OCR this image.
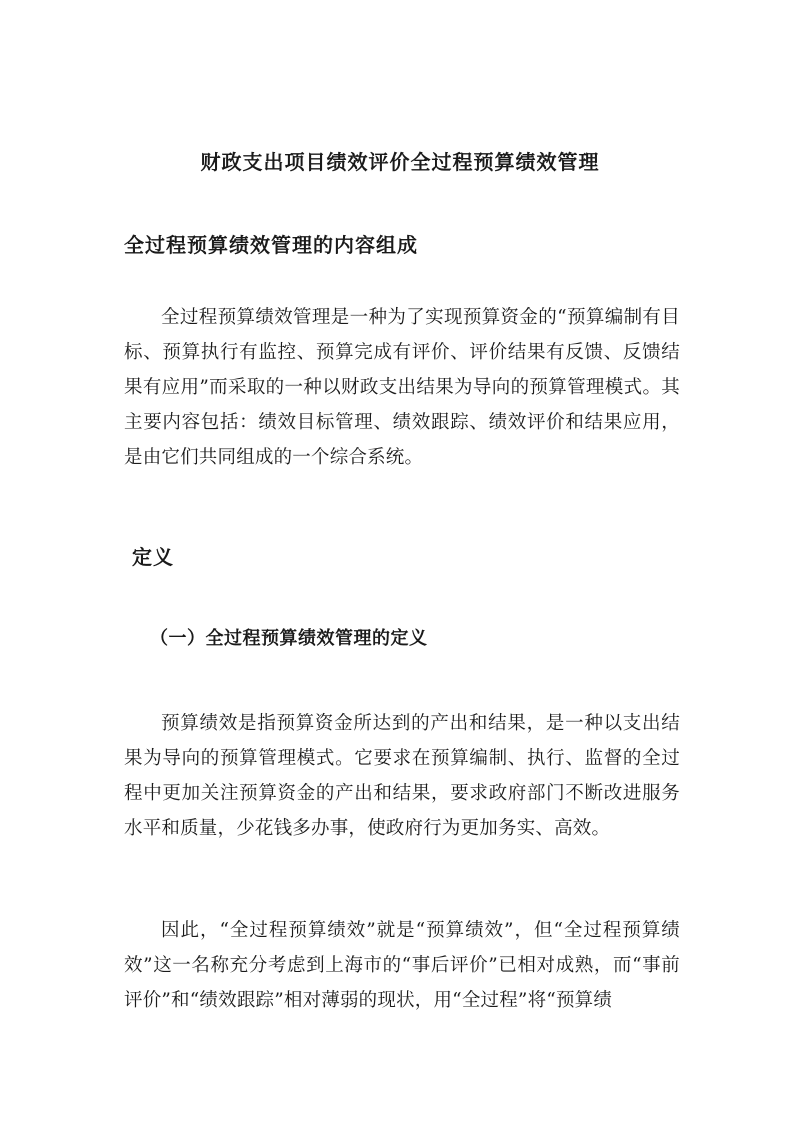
财政支出项目绩效评价全过程预算绩效管理
全过程预算绩效管理的内容组成

全过程预算绩效管理是一种为了实现预算资金的“预算编制有目标、预算执行有监控、预算完成有评价、评价结果有反馈、反馈结果有应用”而采取的一种以财政支出结果为导向的预算管理模式。其主要内容包括：绩效目标管理、绩效跟踪、绩效评价和结果应用，是由它们共同组成的一个综合系统。

定义
（一）全过程预算绩效管理的定义

预算绩效是指预算资金所达到的产出和结果，是一种以支出结果为导向的预算管理模式。它要求在预算编制、执行、监督的全过程中更加关注预算资金的产出和结果，要求政府部门不断改进服务水平和质量，少花钱多办事，使政府行为更加务实、高效。

因此，“全过程预算绩效”就是“预算绩效”，但“全过程预算绩效”这一名称充分考虑到上海市的“事后评价”已相对成熟，而“事前评价”和“绩效跟踪”相对薄弱的现状，用“全过程”将“预算绩
